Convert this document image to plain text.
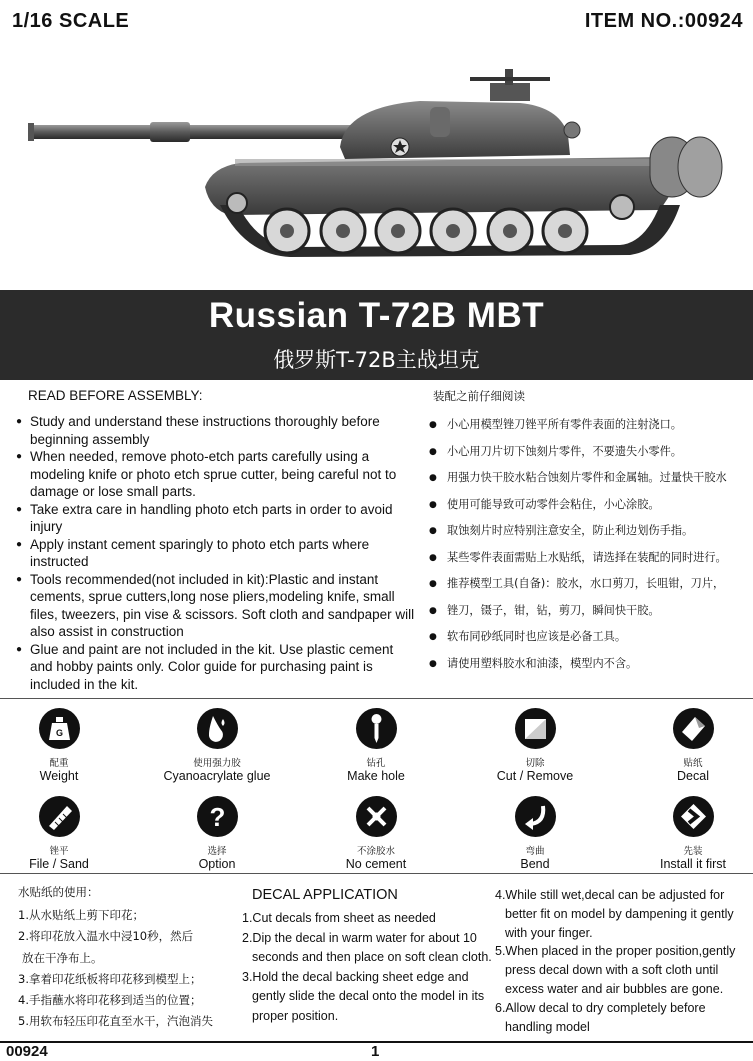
1/16 SCALE	ITEM NO.:00924
Russian T-72B MBT
俄罗斯T-72B主战坦克
READ BEFORE ASSEMBLY:
● Study and understand these instructions thoroughly before beginning assembly
● When needed, remove photo-etch parts carefully using a modeling knife or photo etch sprue cutter, being careful not to damage or lose small parts.
● Take extra care in handling photo etch parts in order to avoid injury
● Apply instant cement sparingly to photo etch parts where instructed
● Tools recommended(not included in kit):Plastic and instant cements, sprue cutters,long nose pliers,modeling knife, small files, tweezers, pin vise & scissors. Soft cloth and sandpaper will also assist in construction
● Glue and paint are not included in the kit. Use plastic cement and hobby paints only. Color guide for purchasing paint is included in the kit.
装配之前仔细阅读
● 小心用模型锉刀锉平所有零件表面的注射浇口。
● 小心用刀片切下蚀刻片零件，不要遗失小零件。
● 用强力快干胶水粘合蚀刻片零件和金属轴。过量快干胶水
● 使用可能导致可动零件会粘住，小心涂胶。
● 取蚀刻片时应特别注意安全，防止利边划伤手指。
● 某些零件表面需贴上水贴纸，请选择在装配的同时进行。
● 推荐模型工具(自备)：胶水，水口剪刀，长咀钳，刀片，
● 锉刀，镊子，钳，钻，剪刀，瞬间快干胶。
● 软布同砂纸同时也应该是必备工具。
● 请使用塑料胶水和油漆，模型内不含。
G
配重
Weight
使用强力胶
Cyanoacrylate glue
钻孔
Make hole
切除
Cut / Remove
贴纸
Decal
锉平
File / Sand
?
选择
Option
不涂胶水
No cement
弯曲
Bend
先装
Install it first
水贴纸的使用：
1.从水贴纸上剪下印花；
2.将印花放入温水中浸10秒，然后
放在干净布上。
3.拿着印花纸板将印花移到模型上；
4.手指蘸水将印花移到适当的位置；
5.用软布轻压印花直至水干，汽泡消失
DECAL APPLICATION
1.Cut decals from sheet as needed
2.Dip the decal in warm water for about 10 seconds and then place on soft clean cloth.
3.Hold the decal backing sheet edge and gently slide the decal onto the model in its proper position.
4.While still wet,decal can be adjusted for better fit on model by dampening it gently with your finger.
5.When placed in the proper position,gently press decal down with a soft cloth until excess water and air bubbles are gone.
6.Allow decal to dry completely before handling model
00924	1
